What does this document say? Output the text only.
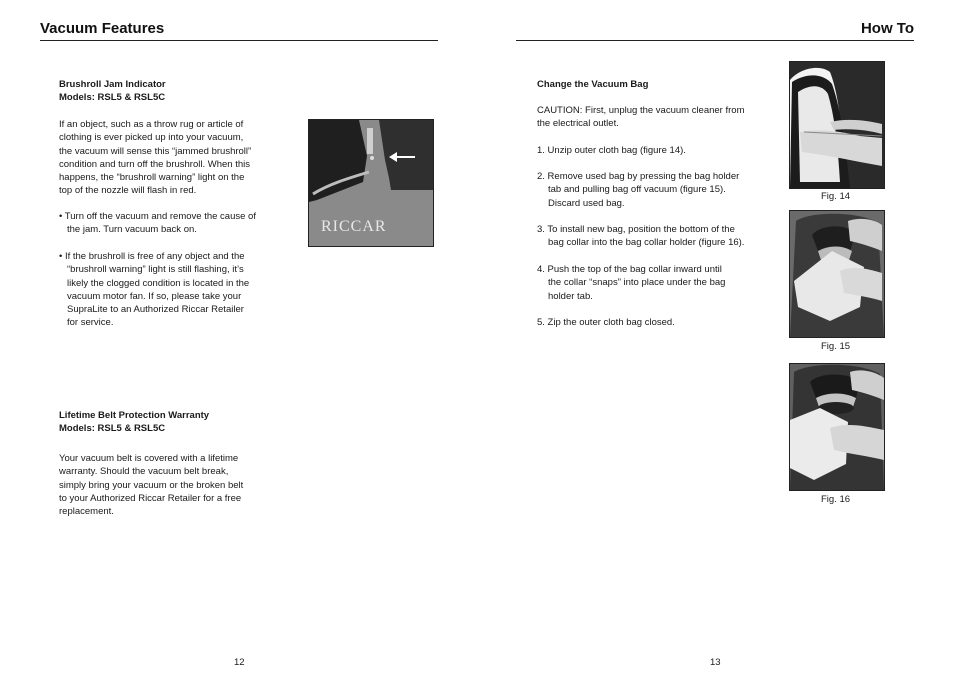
Vacuum Features
Brushroll Jam Indicator
Models: RSL5 & RSL5C
If an object, such as a throw rug or article of
clothing is ever picked up into your vacuum,
the vacuum will sense this “jammed brushroll”
condition and turn off the brushroll. When this
happens, the “brushroll warning” light on the
top of the nozzle will flash in red.
• Turn off the vacuum and remove the cause of
the jam. Turn vacuum back on.
• If the brushroll is free of any object and the
“brushroll warning” light is still flashing, it’s
likely the clogged condition is located in the
vacuum motor fan. If so, please take your
SupraLite to an Authorized Riccar Retailer
for service.
RICCAR
Lifetime Belt Protection Warranty
Models: RSL5 & RSL5C
Your vacuum belt is covered with a lifetime
warranty. Should the vacuum belt break,
simply bring your vacuum or the broken belt
to your Authorized Riccar Retailer for a free
replacement.
12
How To
Change the Vacuum Bag
CAUTION: First, unplug the vacuum cleaner from
the electrical outlet.
1. Unzip outer cloth bag (figure 14).
2. Remove used bag by pressing the bag holder
tab and pulling bag off vacuum (figure 15).
Discard used bag.
3. To install new bag, position the bottom of the
bag collar into the bag collar holder (figure 16).
4. Push the top of the bag collar inward until
the collar “snaps” into place under the bag
holder tab.
5. Zip the outer cloth bag closed.
Fig. 14
Fig. 15
Fig. 16
13
